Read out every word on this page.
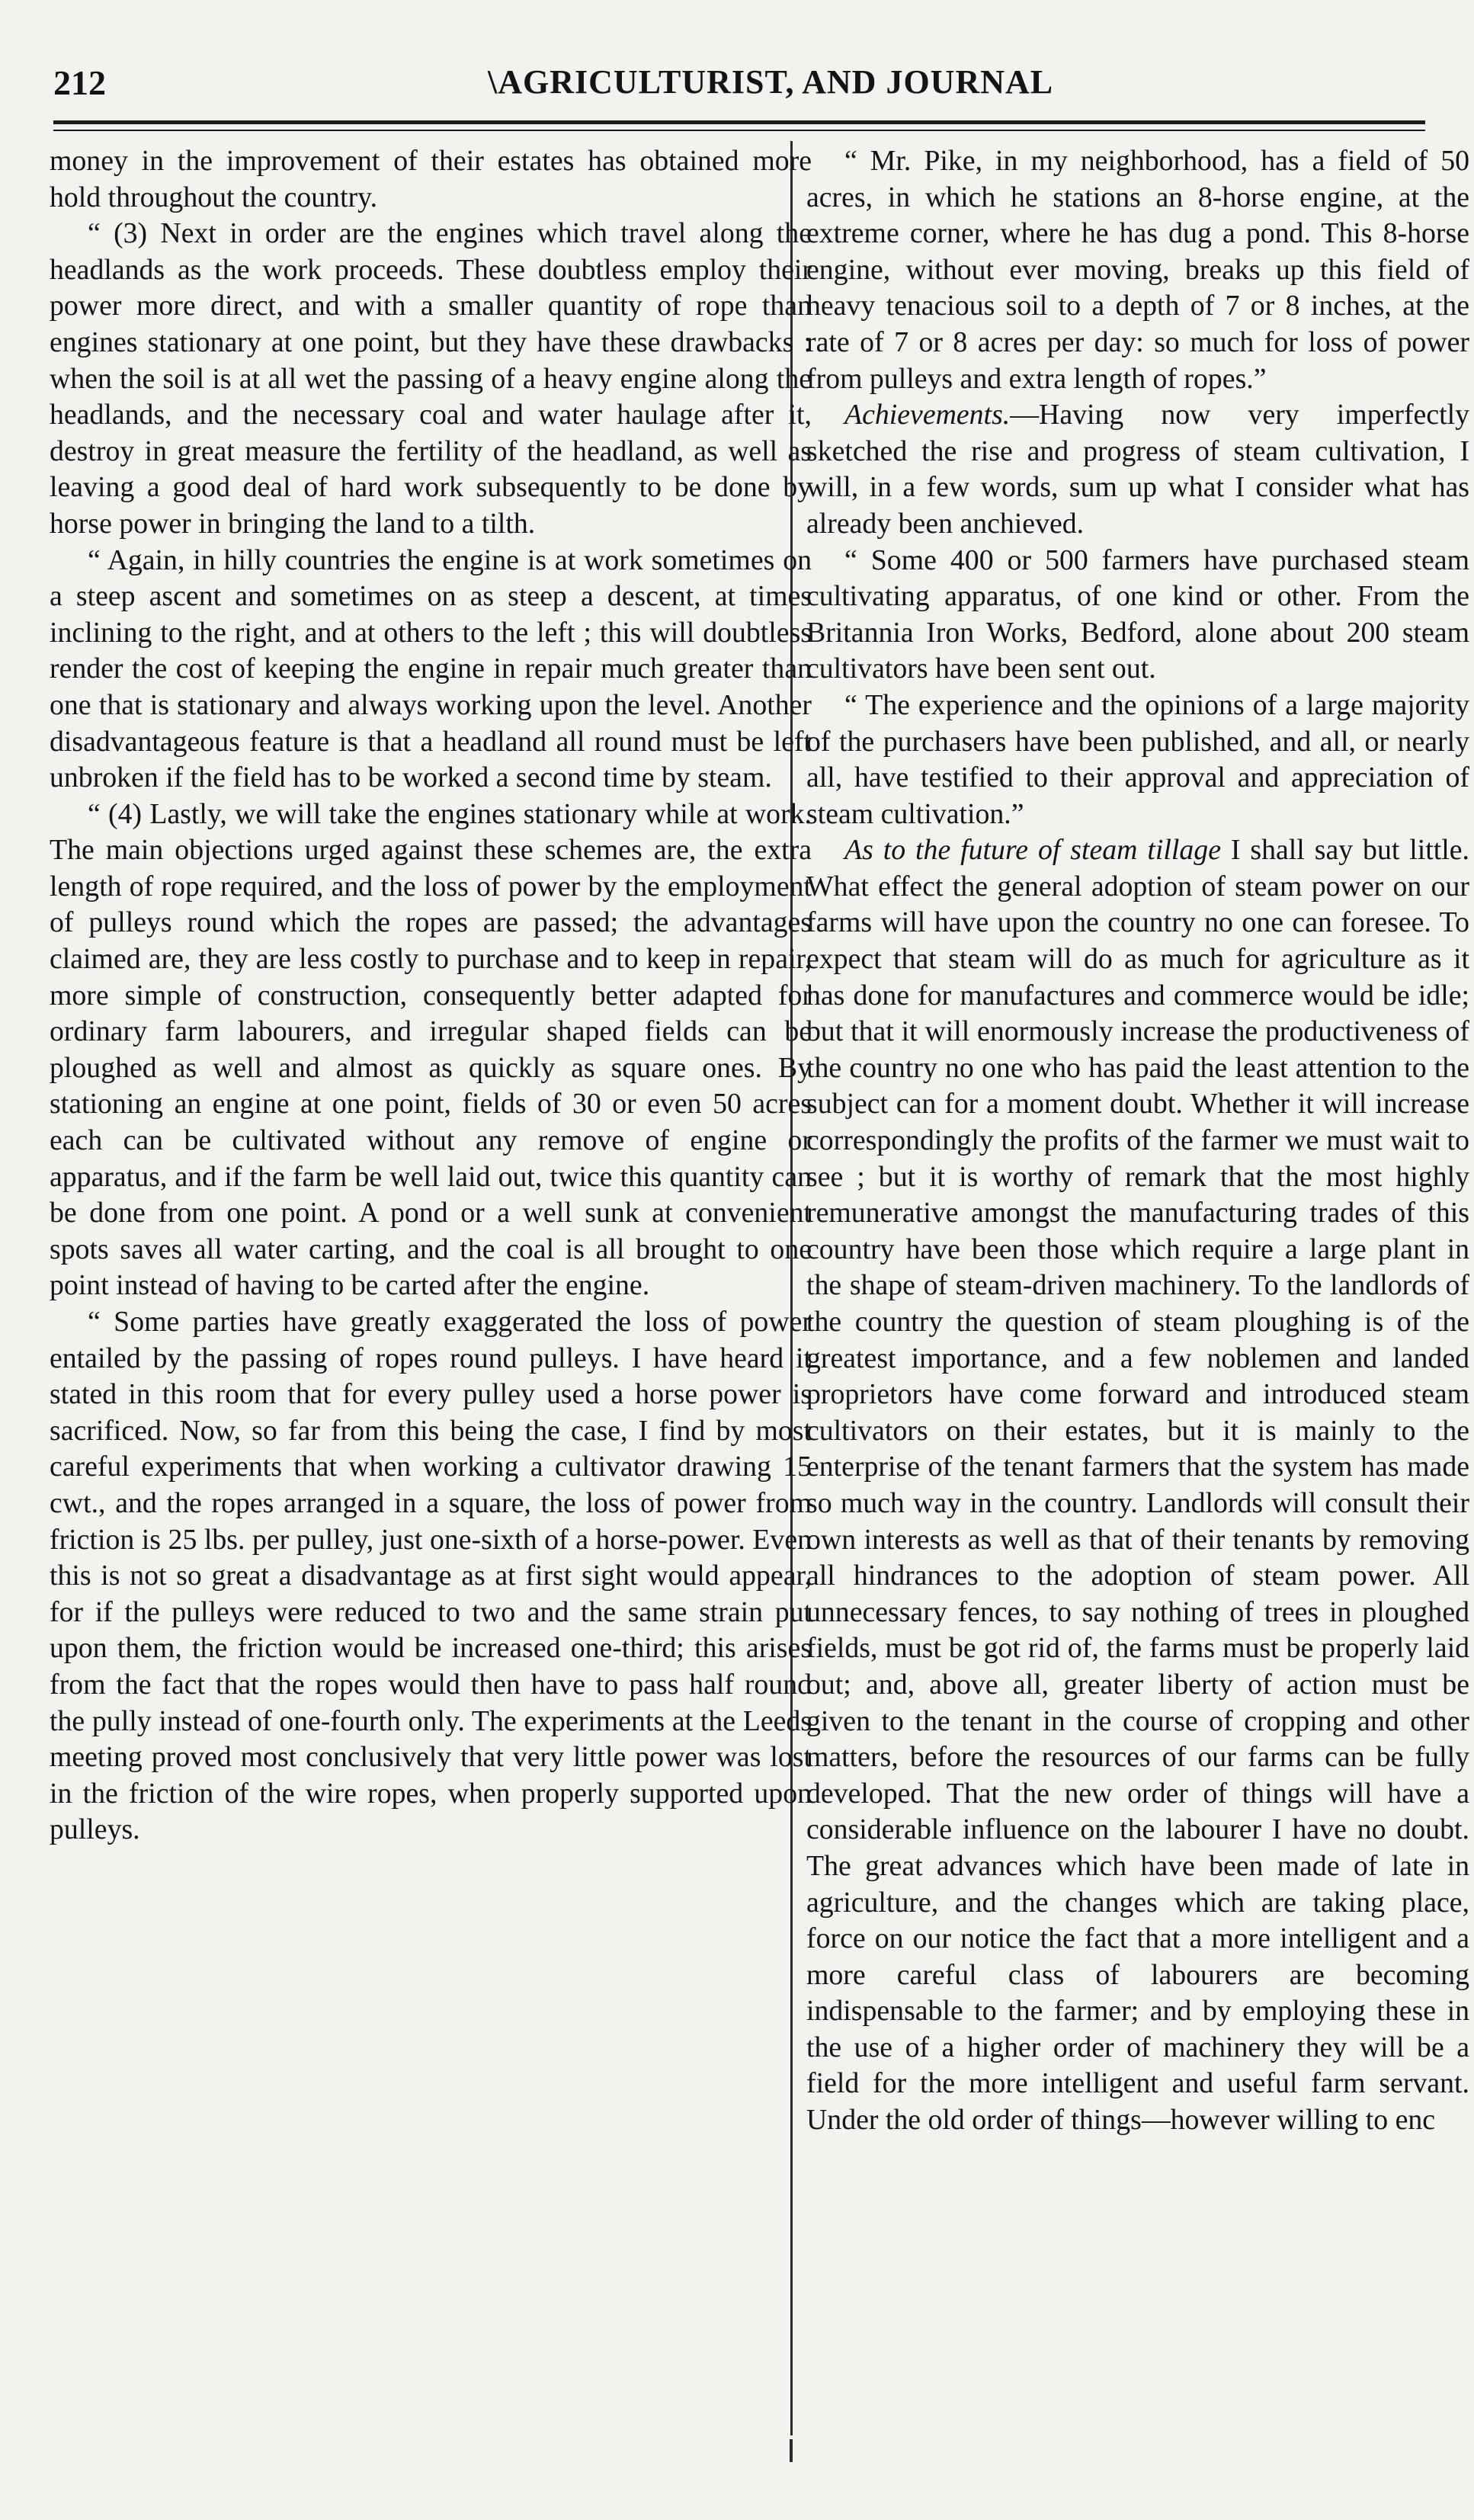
212	\AGRICULTURIST, AND JOURNAL

money in the improvement of their estates has obtained more hold throughout the country.

“ (3) Next in order are the engines which travel along the headlands as the work proceeds. These doubtless employ their power more direct, and with a smaller quantity of rope than engines stationary at one point, but they have these drawbacks : when the soil is at all wet the passing of a heavy engine along the headlands, and the necessary coal and water haulage after it, destroy in great measure the fertility of the headland, as well as leaving a good deal of hard work subsequently to be done by horse power in bringing the land to a tilth.

“ Again, in hilly countries the engine is at work sometimes on a steep ascent and sometimes on as steep a descent, at times inclining to the right, and at others to the left ; this will doubtless render the cost of keeping the engine in repair much greater than one that is stationary and always working upon the level. Another disadvantageous feature is that a headland all round must be left unbroken if the field has to be worked a second time by steam.

“ (4) Lastly, we will take the engines stationary while at work. The main objections urged against these schemes are, the extra length of rope required, and the loss of power by the employment of pulleys round which the ropes are passed; the advantages claimed are, they are less costly to purchase and to keep in repair, more simple of construction, consequently better adapted for ordinary farm labourers, and irregular shaped fields can be ploughed as well and almost as quickly as square ones. By stationing an engine at one point, fields of 30 or even 50 acres each can be cultivated without any remove of engine or apparatus, and if the farm be well laid out, twice this quantity can be done from one point. A pond or a well sunk at convenient spots saves all water carting, and the coal is all brought to one point instead of having to be carted after the engine.

“ Some parties have greatly exaggerated the loss of power entailed by the passing of ropes round pulleys. I have heard it stated in this room that for every pulley used a horse power is sacrificed. Now, so far from this being the case, I find by most careful experiments that when working a cultivator drawing 15 cwt., and the ropes arranged in a square, the loss of power from friction is 25 lbs. per pulley, just one-sixth of a horse-power. Even this is not so great a disadvantage as at first sight would appear, for if the pulleys were reduced to two and the same strain put upon them, the friction would be increased one-third; this arises from the fact that the ropes would then have to pass half round the pully instead of one-fourth only. The experiments at the Leeds meeting proved most conclusively that very little power was lost in the friction of the wire ropes, when properly supported upon pulleys.

“ Mr. Pike, in my neighborhood, has a field of 50 acres, in which he stations an 8-horse engine, at the extreme corner, where he has dug a pond. This 8-horse engine, without ever moving, breaks up this field of heavy tenacious soil to a depth of 7 or 8 inches, at the rate of 7 or 8 acres per day: so much for loss of power from pulleys and extra length of ropes.”

Achievements.—Having now very imperfectly sketched the rise and progress of steam cultivation, I will, in a few words, sum up what I consider what has already been anchieved.

“ Some 400 or 500 farmers have purchased steam cultivating apparatus, of one kind or other. From the Britannia Iron Works, Bedford, alone about 200 steam cultivators have been sent out.

“ The experience and the opinions of a large majority of the purchasers have been published, and all, or nearly all, have testified to their approval and appreciation of steam cultivation.”

As to the future of steam tillage I shall say but little. What effect the general adoption of steam power on our farms will have upon the country no one can foresee. To expect that steam will do as much for agriculture as it has done for manufactures and commerce would be idle; but that it will enormously increase the productiveness of the country no one who has paid the least attention to the subject can for a moment doubt. Whether it will increase correspondingly the profits of the farmer we must wait to see ; but it is worthy of remark that the most highly remunerative amongst the manufacturing trades of this country have been those which require a large plant in the shape of steam-driven machinery. To the landlords of the country the question of steam ploughing is of the greatest importance, and a few noblemen and landed proprietors have come forward and introduced steam cultivators on their estates, but it is mainly to the enterprise of the tenant farmers that the system has made so much way in the country. Landlords will consult their own interests as well as that of their tenants by removing all hindrances to the adoption of steam power. All unnecessary fences, to say nothing of trees in ploughed fields, must be got rid of, the farms must be properly laid out; and, above all, greater liberty of action must be given to the tenant in the course of cropping and other matters, before the resources of our farms can be fully developed. That the new order of things will have a considerable influence on the labourer I have no doubt. The great advances which have been made of late in agriculture, and the changes which are taking place, force on our notice the fact that a more intelligent and a more careful class of labourers are becoming indispensable to the farmer; and by employing these in the use of a higher order of machinery they will be a field for the more intelligent and useful farm servant. Under the old order of things—however willing to enc
